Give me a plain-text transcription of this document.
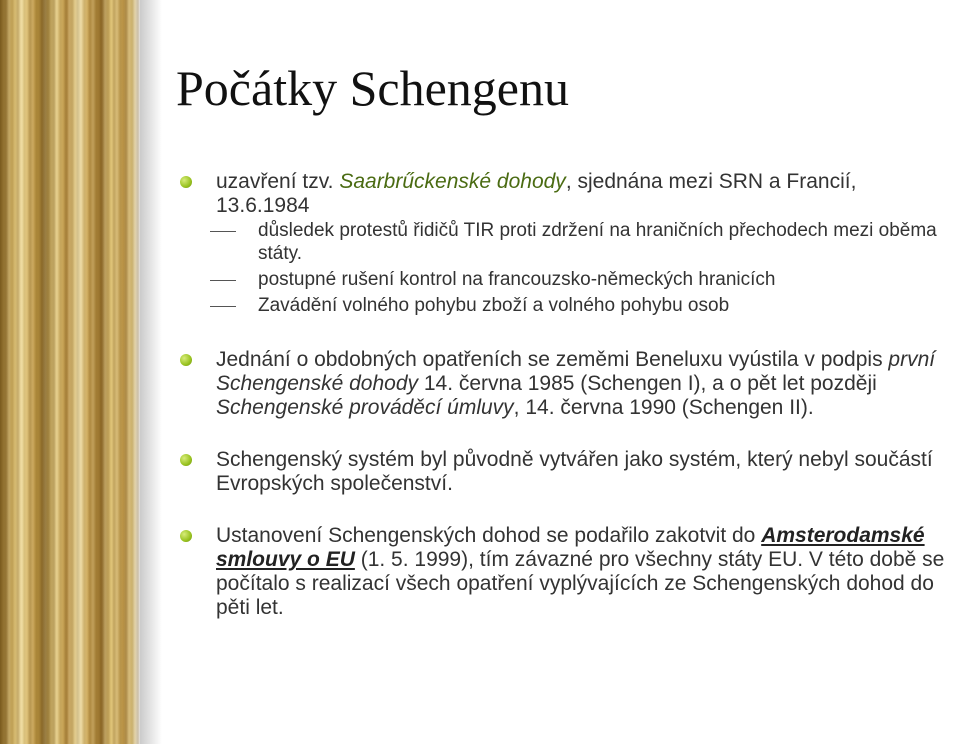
Počátky Schengenu
uzavření tzv. Saarbrűckenské dohody, sjednána mezi SRN a Francií, 13.6.1984
důsledek protestů řidičů TIR proti zdržení na hraničních přechodech mezi oběma státy.
postupné rušení kontrol na francouzsko-německých hranicích
Zavádění volného pohybu zboží a volného pohybu osob
Jednání o obdobných opatřeních se zeměmi Beneluxu vyústila v podpis první Schengenské dohody 14. června 1985 (Schengen I), a o pět let později Schengenské prováděcí úmluvy, 14. června 1990 (Schengen II).
Schengenský systém byl původně vytvářen jako systém, který nebyl součástí Evropských společenství.
Ustanovení Schengenských dohod se podařilo zakotvit do Amsterodamské smlouvy o EU (1. 5. 1999), tím závazné pro všechny státy EU. V této době se počítalo s realizací všech opatření vyplývajících ze Schengenských dohod do pěti let.
